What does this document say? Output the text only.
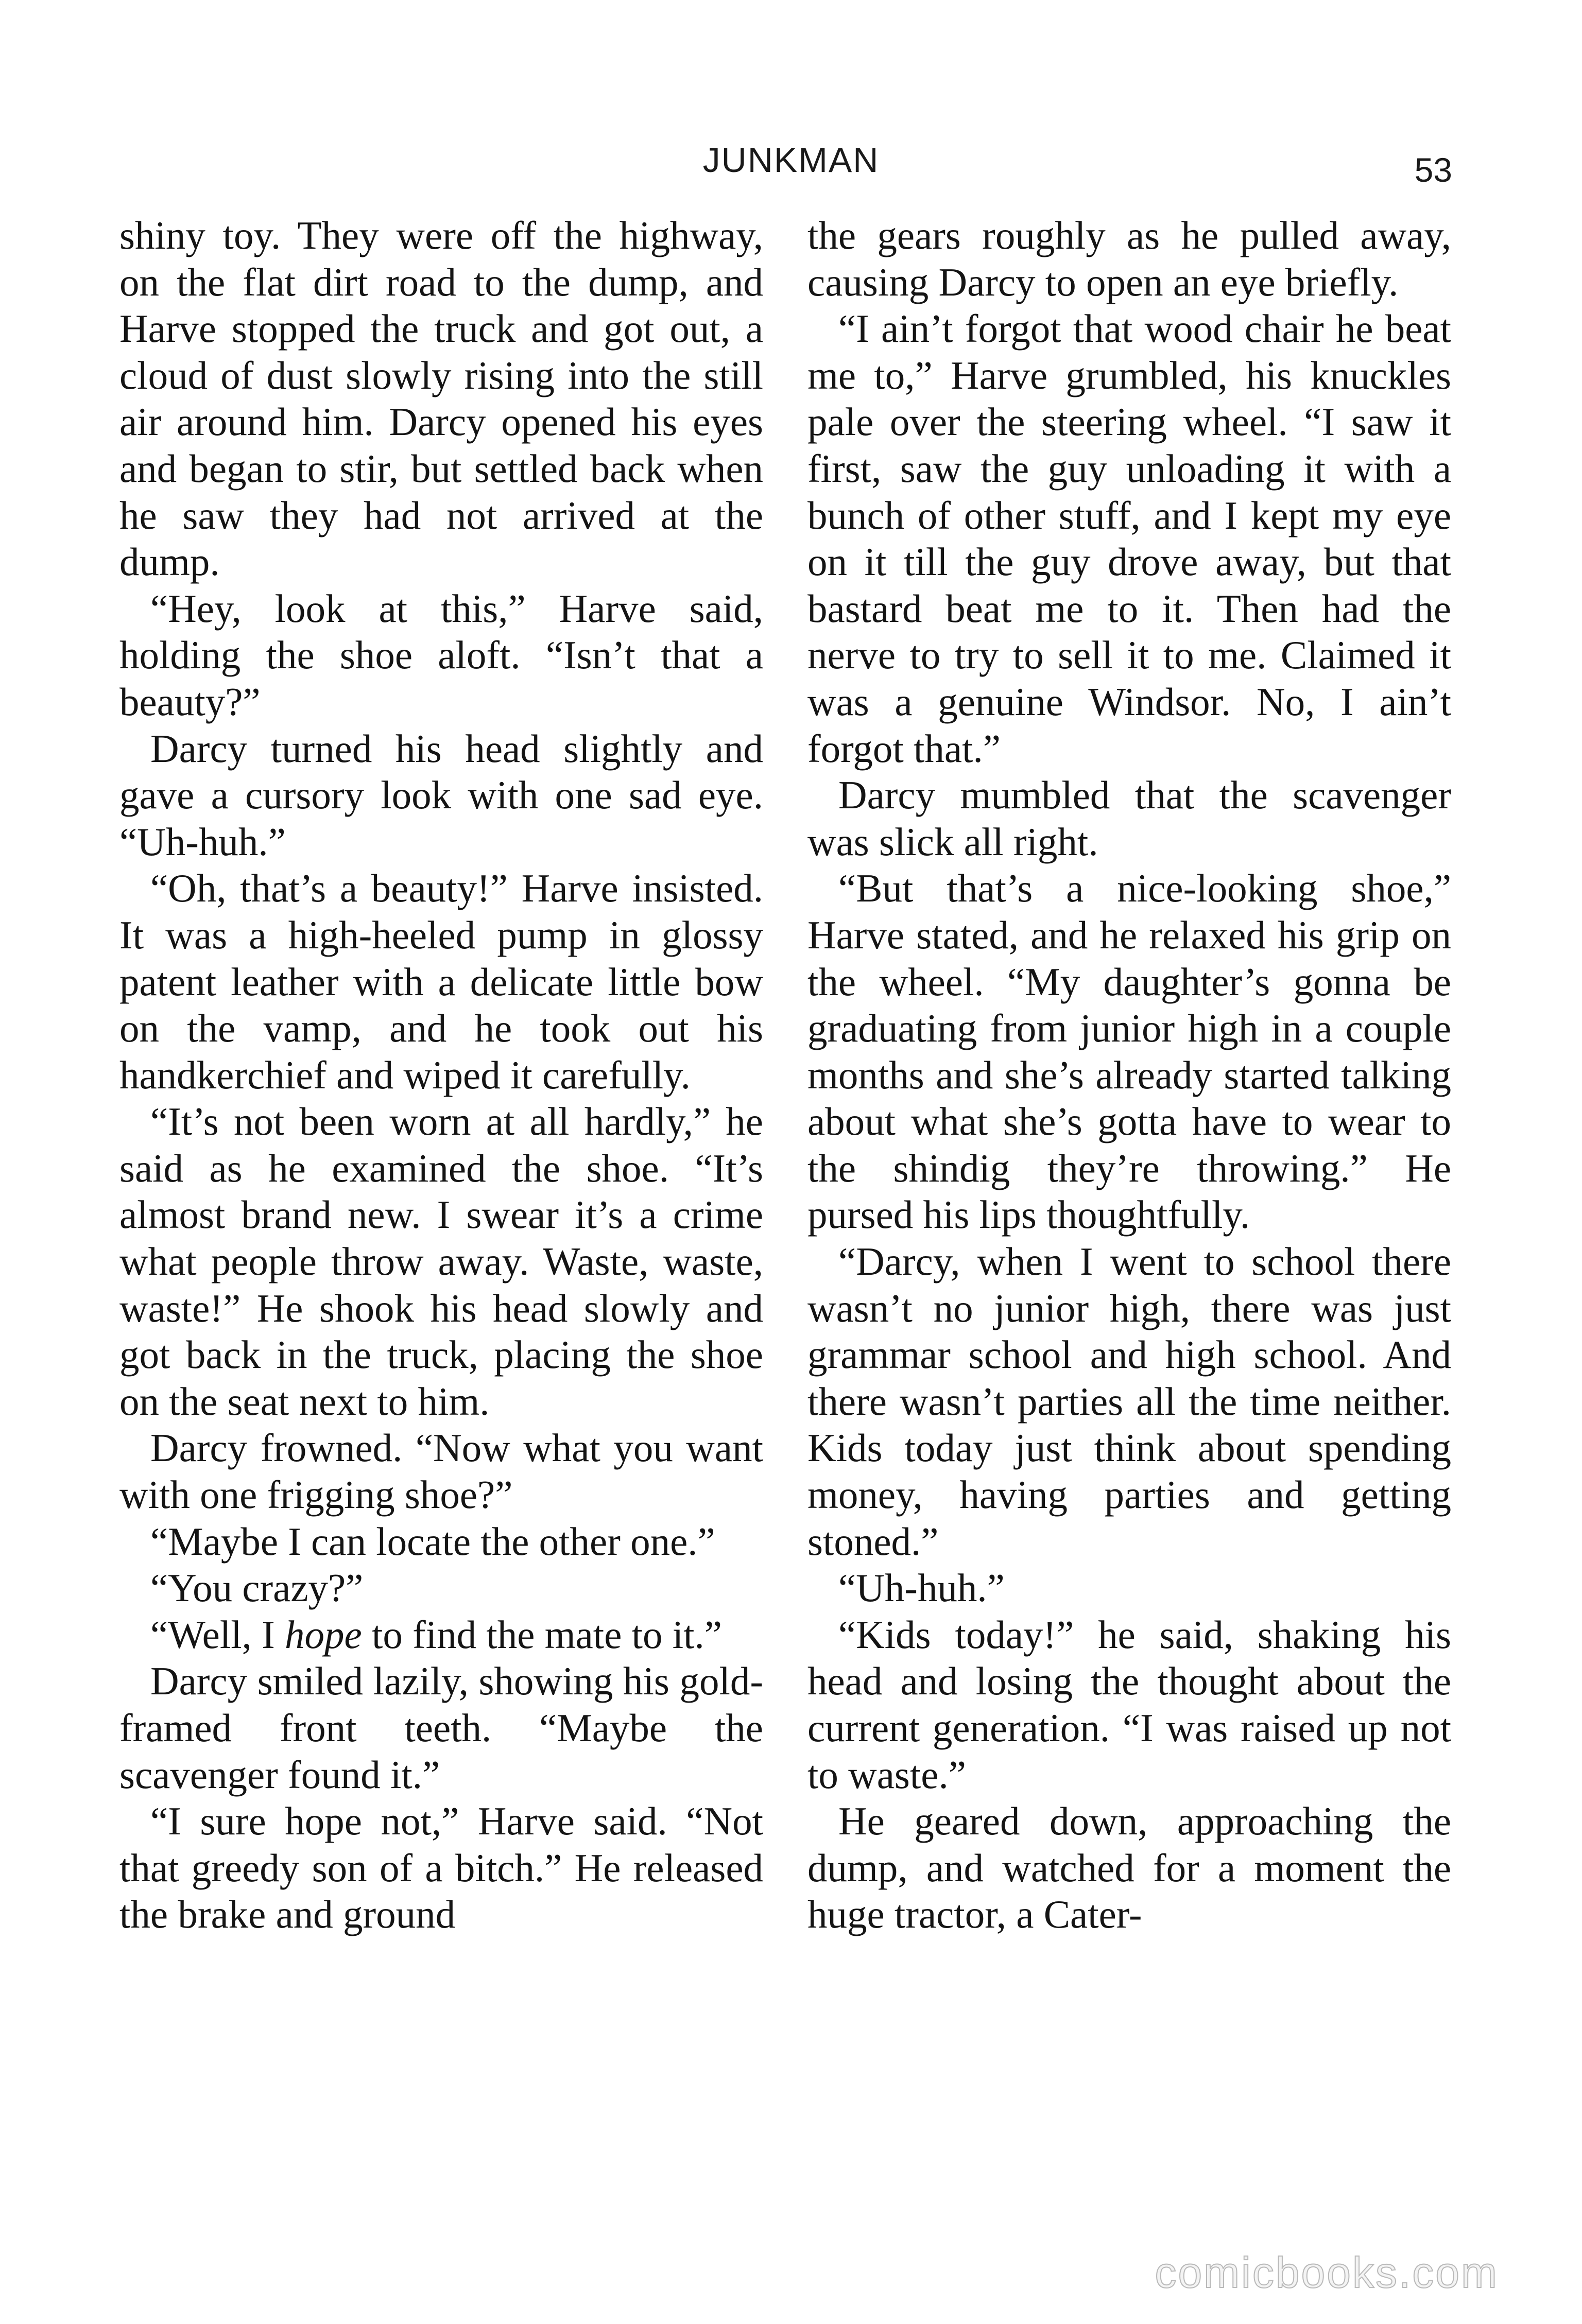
JUNKMAN	53

shiny toy. They were off the highway, on the flat dirt road to the dump, and Harve stopped the truck and got out, a cloud of dust slowly rising into the still air around him. Darcy opened his eyes and began to stir, but settled back when he saw they had not arrived at the dump.

“Hey, look at this,” Harve said, holding the shoe aloft. “Isn’t that a beauty?”

Darcy turned his head slightly and gave a cursory look with one sad eye. “Uh-huh.”

“Oh, that’s a beauty!” Harve insisted. It was a high-heeled pump in glossy patent leather with a delicate little bow on the vamp, and he took out his handkerchief and wiped it carefully.

“It’s not been worn at all hardly,” he said as he examined the shoe. “It’s almost brand new. I swear it’s a crime what people throw away. Waste, waste, waste!” He shook his head slowly and got back in the truck, placing the shoe on the seat next to him.

Darcy frowned. “Now what you want with one frigging shoe?”

“Maybe I can locate the other one.”

“You crazy?”

“Well, I hope to find the mate to it.”

Darcy smiled lazily, showing his gold-framed front teeth. “Maybe the scavenger found it.”

“I sure hope not,” Harve said. “Not that greedy son of a bitch.” He released the brake and ground

the gears roughly as he pulled away, causing Darcy to open an eye briefly.

“I ain’t forgot that wood chair he beat me to,” Harve grumbled, his knuckles pale over the steering wheel. “I saw it first, saw the guy unloading it with a bunch of other stuff, and I kept my eye on it till the guy drove away, but that bastard beat me to it. Then had the nerve to try to sell it to me. Claimed it was a genuine Windsor. No, I ain’t forgot that.”

Darcy mumbled that the scavenger was slick all right.

“But that’s a nice-looking shoe,” Harve stated, and he relaxed his grip on the wheel. “My daughter’s gonna be graduating from junior high in a couple months and she’s already started talking about what she’s gotta have to wear to the shindig they’re throwing.” He pursed his lips thoughtfully.

“Darcy, when I went to school there wasn’t no junior high, there was just grammar school and high school. And there wasn’t parties all the time neither. Kids today just think about spending money, having parties and getting stoned.”

“Uh-huh.”

“Kids today!” he said, shaking his head and losing the thought about the current generation. “I was raised up not to waste.”

He geared down, approaching the dump, and watched for a moment the huge tractor, a Cater-

comicbooks.com
